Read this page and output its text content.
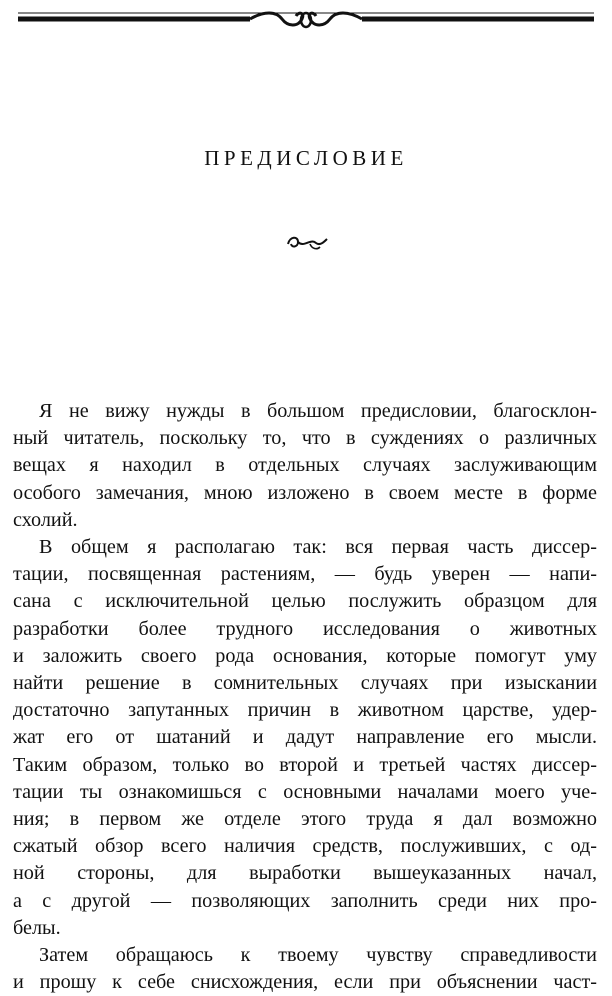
ПРЕДИСЛОВИЕ

Я не вижу нужды в большом предисловии, благосклон-
ный читатель, поскольку то, что в суждениях о различных
вещах я находил в отдельных случаях заслуживающим
особого замечания, мною изложено в своем месте в форме
схолий.

В общем я располагаю так: вся первая часть диссер-
тации, посвященная растениям, — будь уверен — напи-
сана с исключительной целью послужить образцом для
разработки более трудного исследования о животных
и заложить своего рода основания, которые помогут уму
найти решение в сомнительных случаях при изыскании
достаточно запутанных причин в животном царстве, удер-
жат его от шатаний и дадут направление его мысли.
Таким образом, только во второй и третьей частях диссер-
тации ты ознакомишься с основными началами моего уче-
ния; в первом же отделе этого труда я дал возможно
сжатый обзор всего наличия средств, послуживших, с од-
ной стороны, для выработки вышеуказанных начал,
а с другой — позволяющих заполнить среди них про-
белы.

Затем обращаюсь к твоему чувству справедливости
и прошу к себе снисхождения, если при объяснении част-
